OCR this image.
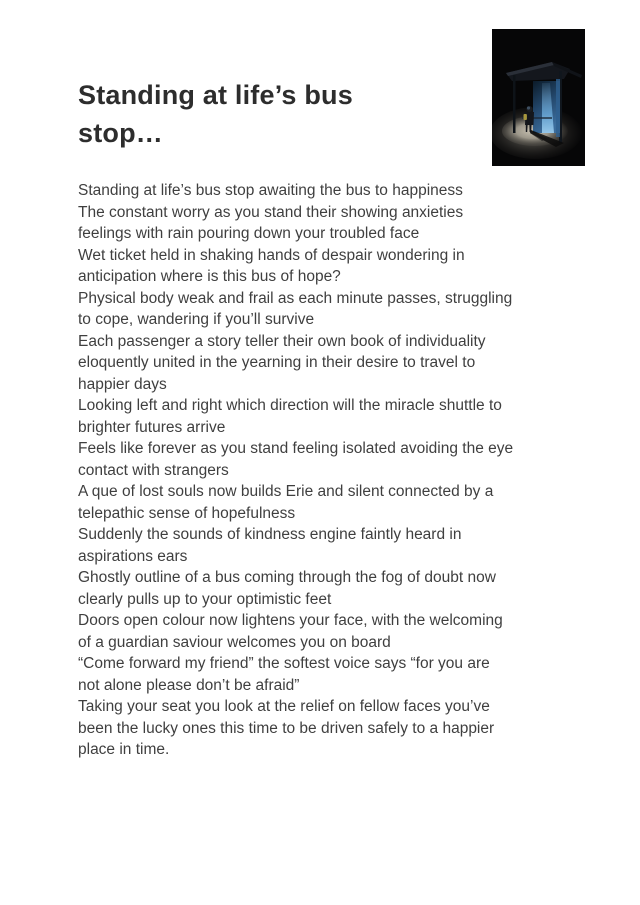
Standing at life’s bus
stop…
Standing at life’s bus stop awaiting the bus to happiness
The constant worry as you stand their showing anxieties
feelings with rain pouring down your troubled face
Wet ticket held in shaking hands of despair wondering in
anticipation where is this bus of hope?
Physical body weak and frail as each minute passes, struggling
to cope, wandering if you’ll survive
Each passenger a story teller their own book of individuality
eloquently united in the yearning in their desire to travel to
happier days
Looking left and right which direction will the miracle shuttle to
brighter futures arrive
Feels like forever as you stand feeling isolated avoiding the eye
contact with strangers
A que of lost souls now builds Erie and silent connected by a
telepathic sense of hopefulness
Suddenly the sounds of kindness engine faintly heard in
aspirations ears
Ghostly outline of a bus coming through the fog of doubt now
clearly pulls up to your optimistic feet
Doors open colour now lightens your face, with the welcoming
of a guardian saviour welcomes you on board
“Come forward my friend” the softest voice says “for you are
not alone please don’t be afraid”
Taking your seat you look at the relief on fellow faces you’ve
been the lucky ones this time to be driven safely to a happier
place in time.
